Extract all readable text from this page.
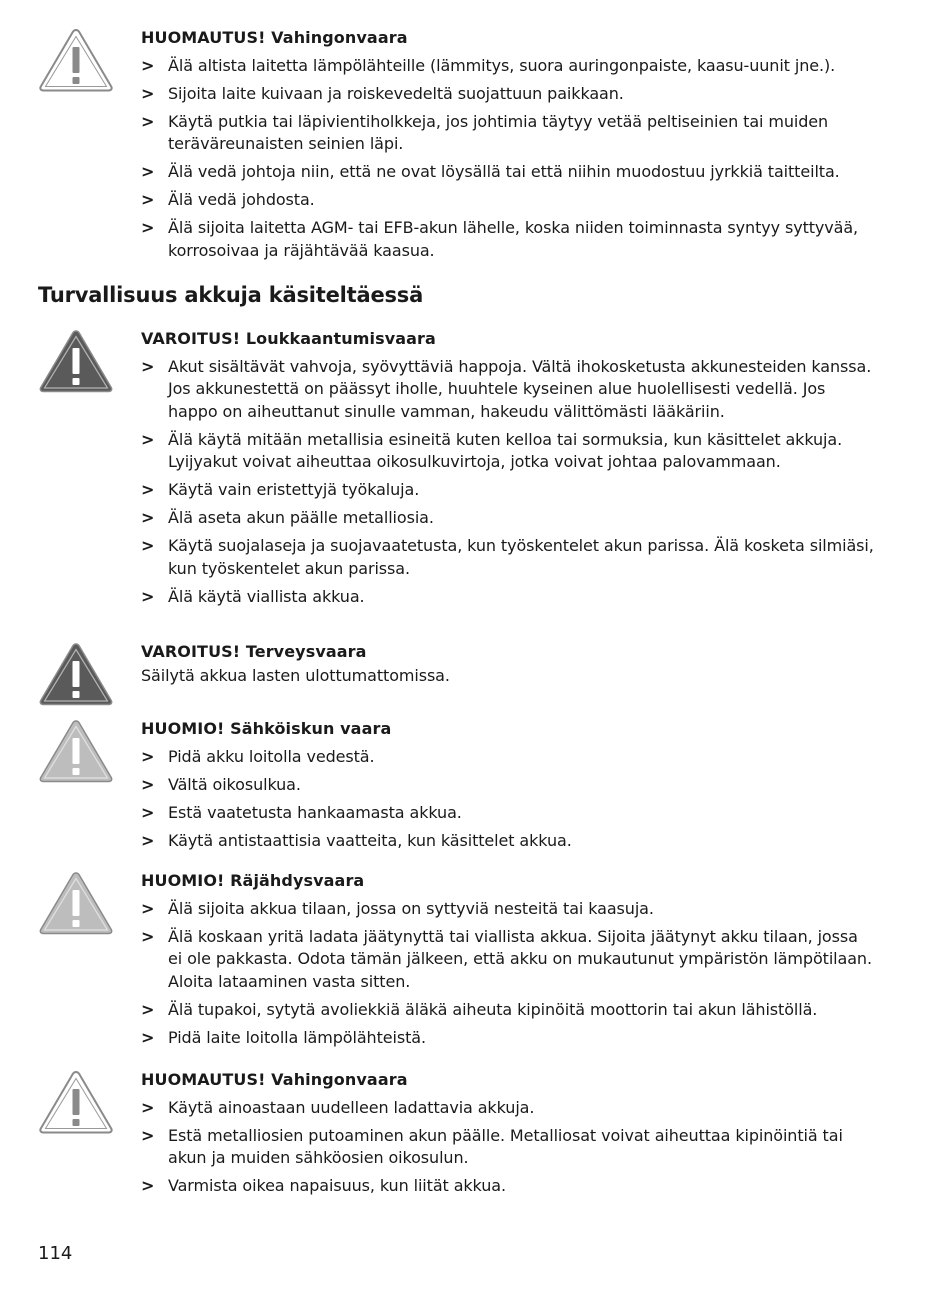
HUOMAUTUS! Vahingonvaara

> Älä altista laitetta lämpölähteille (lämmitys, suora auringonpaiste, kaasu-uunit jne.).
> Sijoita laite kuivaan ja roiskevedeltä suojattuun paikkaan.
> Käytä putkia tai läpivientiholkkeja, jos johtimia täytyy vetää peltiseinien tai muiden teräväreunaisten seinien läpi.
> Älä vedä johtoja niin, että ne ovat löysällä tai että niihin muodostuu jyrkkiä taitteilta.
> Älä vedä johdosta.
> Älä sijoita laitetta AGM- tai EFB-akun lähelle, koska niiden toiminnasta syntyy syttyvää, korrosoivaa ja räjähtävää kaasua.
Turvallisuus akkuja käsiteltäessä

VAROITUS! Loukkaantumisvaara

> Akut sisältävät vahvoja, syövyttäviä happoja. Vältä ihokosketusta akkunesteiden kanssa. Jos akkunestettä on päässyt iholle, huuhtele kyseinen alue huolellisesti vedellä. Jos happo on aiheuttanut sinulle vamman, hakeudu välittömästi lääkäriin.
> Älä käytä mitään metallisia esineitä kuten kelloa tai sormuksia, kun käsittelet akkuja. Lyijyakut voivat aiheuttaa oikosulkuvirtoja, jotka voivat johtaa palovammaan.
> Käytä vain eristettyjä työkaluja.
> Älä aseta akun päälle metalliosia.
> Käytä suojalaseja ja suojavaatetusta, kun työskentelet akun parissa. Älä kosketa silmiäsi, kun työskentelet akun parissa.
> Älä käytä viallista akkua.

VAROITUS! Terveysvaara

Säilytä akkua lasten ulottumattomissa.

HUOMIO! Sähköiskun vaara

> Pidä akku loitolla vedestä.
> Vältä oikosulkua.
> Estä vaatetusta hankaamasta akkua.
> Käytä antistaattisia vaatteita, kun käsittelet akkua.

HUOMIO! Räjähdysvaara

> Älä sijoita akkua tilaan, jossa on syttyviä nesteitä tai kaasuja.
> Älä koskaan yritä ladata jäätynyttä tai viallista akkua. Sijoita jäätynyt akku tilaan, jossa ei ole pakkasta. Odota tämän jälkeen, että akku on mukautunut ympäristön lämpötilaan. Aloita lataaminen vasta sitten.
> Älä tupakoi, sytytä avoliekkiä äläkä aiheuta kipinöitä moottorin tai akun lähistöllä.
> Pidä laite loitolla lämpölähteistä.

HUOMAUTUS! Vahingonvaara

> Käytä ainoastaan uudelleen ladattavia akkuja.
> Estä metalliosien putoaminen akun päälle. Metalliosat voivat aiheuttaa kipinöintiä tai akun ja muiden sähköosien oikosulun.
> Varmista oikea napaisuus, kun liität akkua.
114
